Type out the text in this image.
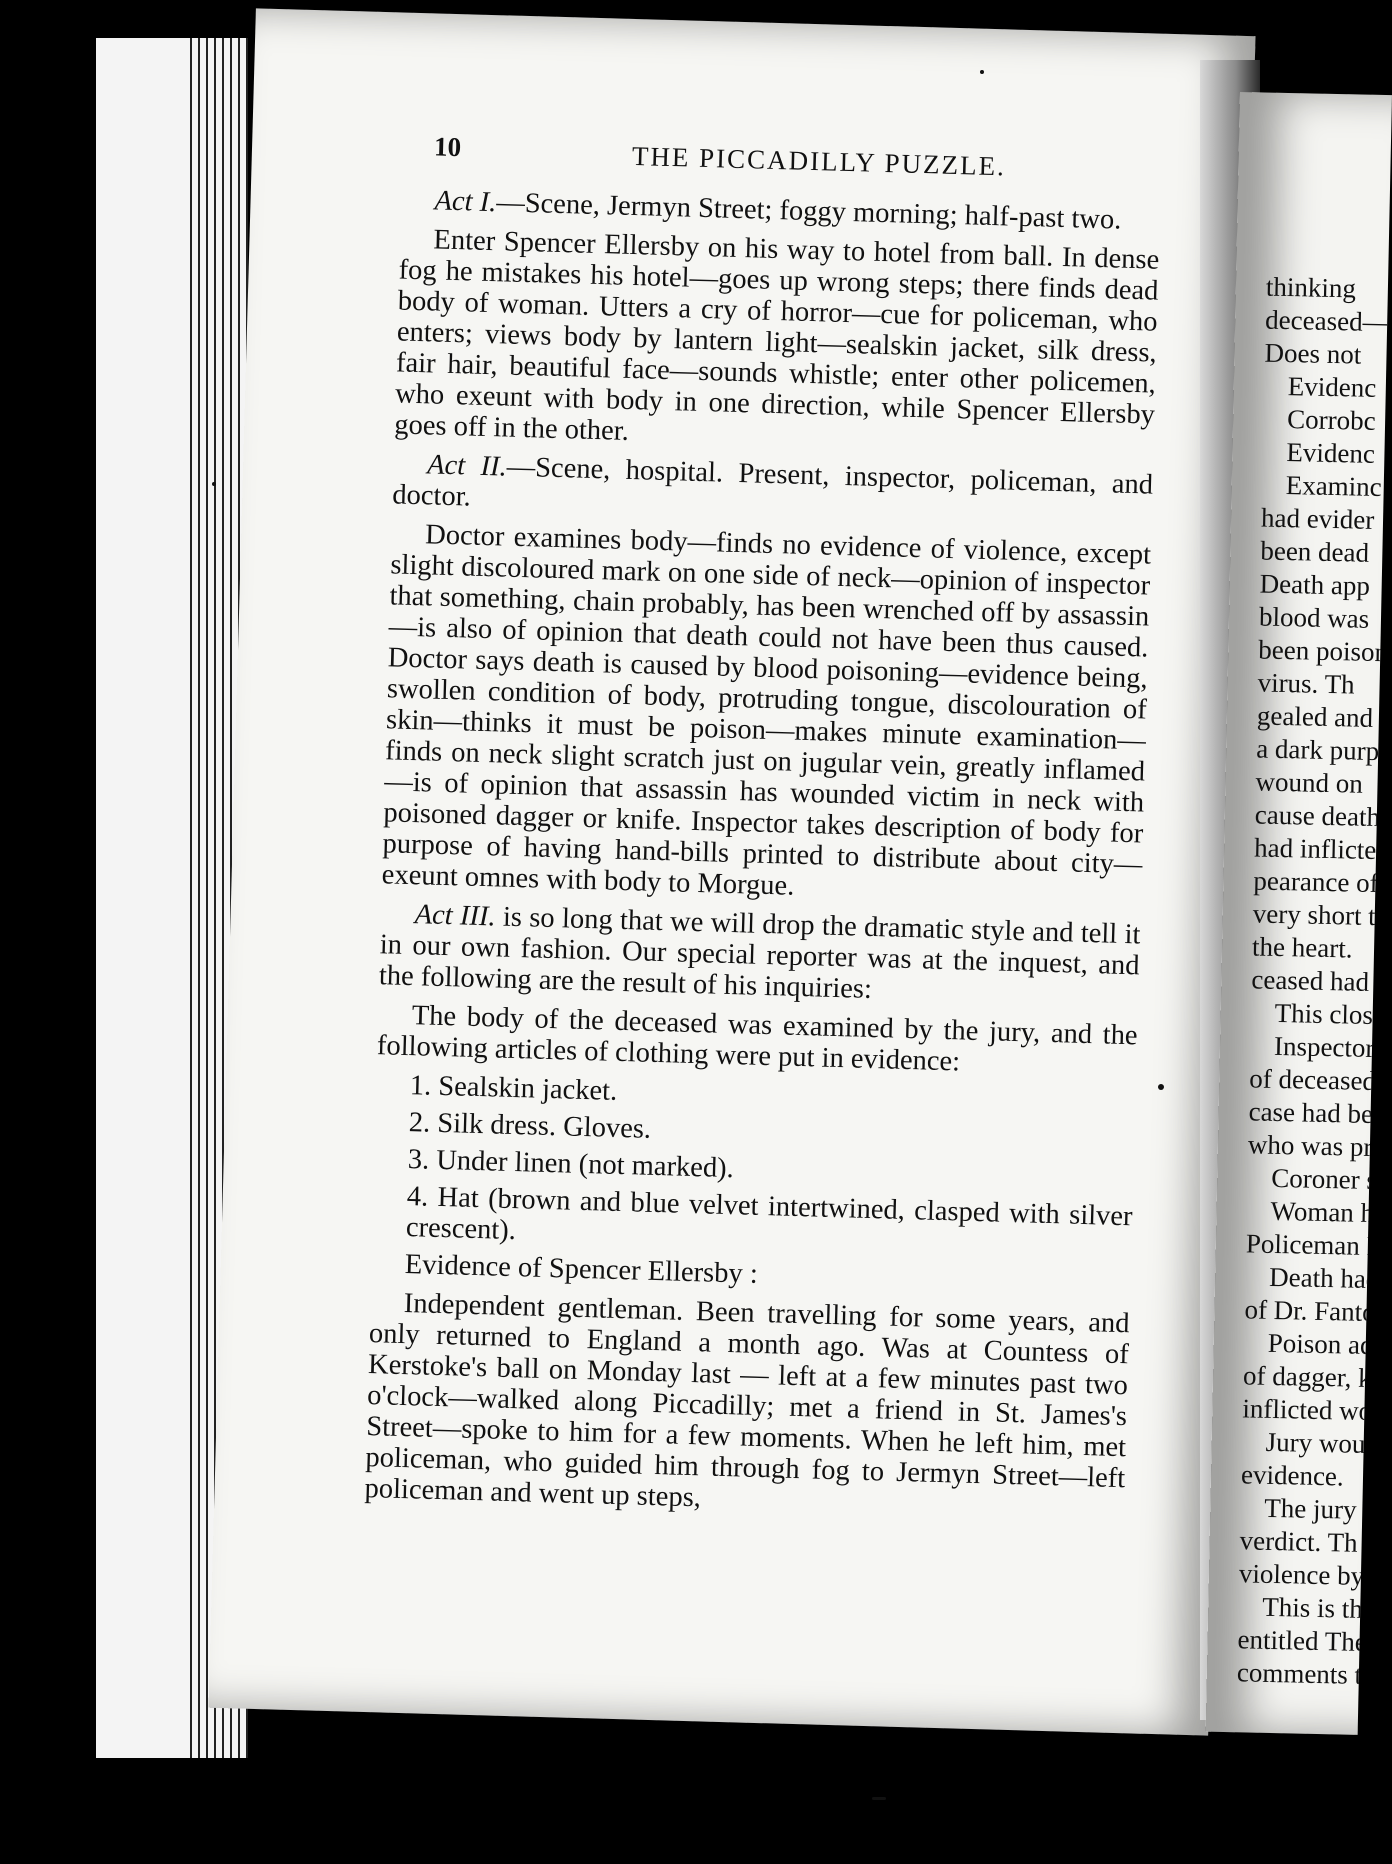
10	THE PICCADILLY PUZZLE.

Act I.—Scene, Jermyn Street; foggy morning; half-past two.

Enter Spencer Ellersby on his way to hotel from ball. In dense fog he mistakes his hotel—goes up wrong steps; there finds dead body of woman. Utters a cry of horror—cue for policeman, who enters; views body by lantern light—sealskin jacket, silk dress, fair hair, beautiful face—sounds whistle; enter other policemen, who exeunt with body in one direction, while Spencer Ellersby goes off in the other.

Act II.—Scene, hospital. Present, inspector, policeman, and doctor.

Doctor examines body—finds no evidence of violence, except slight discoloured mark on one side of neck—opinion of inspector that something, chain probably, has been wrenched off by assassin—is also of opinion that death could not have been thus caused. Doctor says death is caused by blood poisoning—evidence being, swollen condition of body, protruding tongue, discolouration of skin—thinks it must be poison—makes minute examination—finds on neck slight scratch just on jugular vein, greatly inflamed—is of opinion that assassin has wounded victim in neck with poisoned dagger or knife. Inspector takes description of body for purpose of having hand-bills printed to distribute about city—exeunt omnes with body to Morgue.

Act III. is so long that we will drop the dramatic style and tell it in our own fashion. Our special reporter was at the inquest, and the following are the result of his inquiries:

The body of the deceased was examined by the jury, and the following articles of clothing were put in evidence:

1. Sealskin jacket.

2. Silk dress. Gloves.

3. Under linen (not marked).

4. Hat (brown and blue velvet intertwined, clasped with silver crescent).

Evidence of Spencer Ellersby :

Independent gentleman. Been travelling for some years, and only returned to England a month ago. Was at Countess of Kerstoke's ball on Monday last — left at a few minutes past two o'clock—walked along Piccadilly; met a friend in St. James's Street—spoke to him for a few moments. When he left him, met policeman, who guided him through fog to Jermyn Street—left policeman and went up steps,

thinking
deceased—
Does not
Evidenc
Corrobc
Evidenc
Examinc
had evider
been dead
Death app
blood was
been poison
virus. Th
gealed and
a dark purp
wound on
cause death
had inflicted
pearance of
very short t.
the heart.
ceased had
This close
Inspector
of deceased,
case had bee
who was pre
Coroner s
Woman h
Policeman B
Death had
of Dr. Fanto
Poison adr
of dagger, kn
inflicted wou
Jury woul
evidence.
The jury
verdict. Th
violence by tl
This is the
entitled The
comments the
